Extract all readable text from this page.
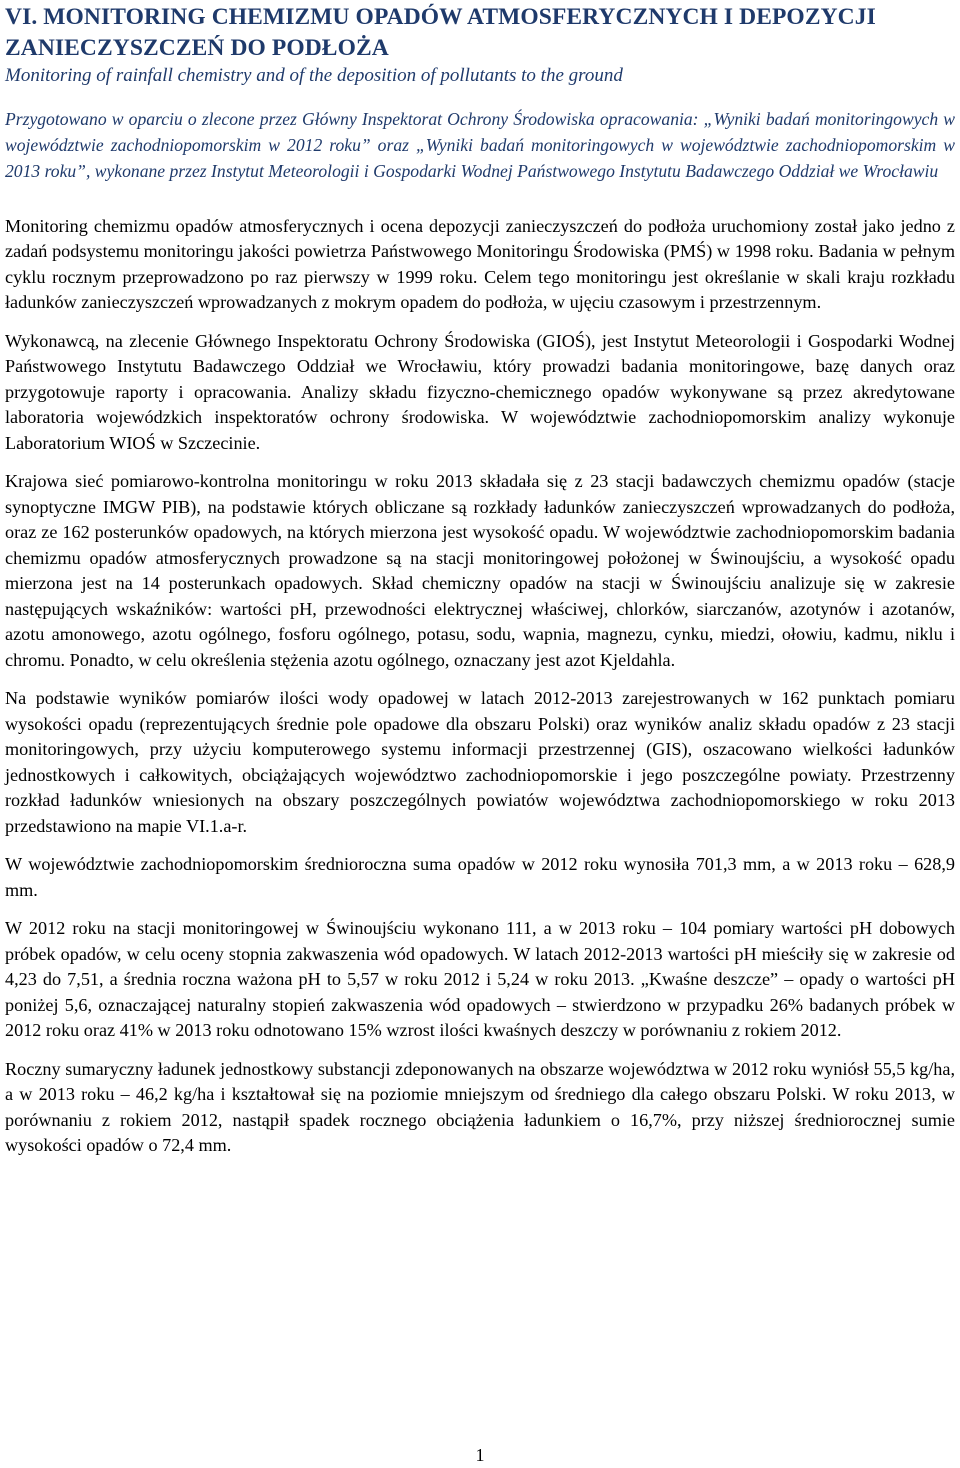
VI. MONITORING CHEMIZMU OPADÓW ATMOSFERYCZNYCH I DEPOZYCJI ZANIECZYSZCZEŃ DO PODŁOŻA
Monitoring of rainfall chemistry and of the deposition of pollutants to the ground

Przygotowano w oparciu o zlecone przez Główny Inspektorat Ochrony Środowiska opracowania: „Wyniki badań monitoringowych w województwie zachodniopomorskim w 2012 roku” oraz „Wyniki badań monitoringowych w województwie zachodniopomorskim w 2013 roku”, wykonane przez Instytut Meteorologii i Gospodarki Wodnej Państwowego Instytutu Badawczego Oddział we Wrocławiu

Monitoring chemizmu opadów atmosferycznych i ocena depozycji zanieczyszczeń do podłoża uruchomiony został jako jedno z zadań podsystemu monitoringu jakości powietrza Państwowego Monitoringu Środowiska (PMŚ) w 1998 roku. Badania w pełnym cyklu rocznym przeprowadzono po raz pierwszy w 1999 roku. Celem tego monitoringu jest określanie w skali kraju rozkładu ładunków zanieczyszczeń wprowadzanych z mokrym opadem do podłoża, w ujęciu czasowym i przestrzennym.

Wykonawcą, na zlecenie Głównego Inspektoratu Ochrony Środowiska (GIOŚ), jest Instytut Meteorologii i Gospodarki Wodnej Państwowego Instytutu Badawczego Oddział we Wrocławiu, który prowadzi badania monitoringowe, bazę danych oraz przygotowuje raporty i opracowania. Analizy składu fizyczno-chemicznego opadów wykonywane są przez akredytowane laboratoria wojewódzkich inspektoratów ochrony środowiska. W województwie zachodniopomorskim analizy wykonuje Laboratorium WIOŚ w Szczecinie.

Krajowa sieć pomiarowo-kontrolna monitoringu w roku 2013 składała się z 23 stacji badawczych chemizmu opadów (stacje synoptyczne IMGW PIB), na podstawie których obliczane są rozkłady ładunków zanieczyszczeń wprowadzanych do podłoża, oraz ze 162 posterunków opadowych, na których mierzona jest wysokość opadu. W województwie zachodniopomorskim badania chemizmu opadów atmosferycznych prowadzone są na stacji monitoringowej położonej w Świnoujściu, a wysokość opadu mierzona jest na 14 posterunkach opadowych. Skład chemiczny opadów na stacji w Świnoujściu analizuje się w zakresie następujących wskaźników: wartości pH, przewodności elektrycznej właściwej, chlorków, siarczanów, azotynów i azotanów, azotu amonowego, azotu ogólnego, fosforu ogólnego, potasu, sodu, wapnia, magnezu, cynku, miedzi, ołowiu, kadmu, niklu i chromu. Ponadto, w celu określenia stężenia azotu ogólnego, oznaczany jest azot Kjeldahla.

Na podstawie wyników pomiarów ilości wody opadowej w latach 2012-2013 zarejestrowanych w 162 punktach pomiaru wysokości opadu (reprezentujących średnie pole opadowe dla obszaru Polski) oraz wyników analiz składu opadów z 23 stacji monitoringowych, przy użyciu komputerowego systemu informacji przestrzennej (GIS), oszacowano wielkości ładunków jednostkowych i całkowitych, obciążających województwo zachodniopomorskie i jego poszczególne powiaty. Przestrzenny rozkład ładunków wniesionych na obszary poszczególnych powiatów województwa zachodniopomorskiego w roku 2013 przedstawiono na mapie VI.1.a-r.

W województwie zachodniopomorskim średnioroczna suma opadów w 2012 roku wynosiła 701,3 mm, a w 2013 roku – 628,9 mm.

W 2012 roku na stacji monitoringowej w Świnoujściu wykonano 111, a w 2013 roku – 104 pomiary wartości pH dobowych próbek opadów, w celu oceny stopnia zakwaszenia wód opadowych. W latach 2012-2013 wartości pH mieściły się w zakresie od 4,23 do 7,51, a średnia roczna ważona pH to 5,57 w roku 2012 i 5,24 w roku 2013. „Kwaśne deszcze” – opady o wartości pH poniżej 5,6, oznaczającej naturalny stopień zakwaszenia wód opadowych – stwierdzono w przypadku 26% badanych próbek w 2012 roku oraz 41% w 2013 roku odnotowano 15% wzrost ilości kwaśnych deszczy w porównaniu z rokiem 2012.

Roczny sumaryczny ładunek jednostkowy substancji zdeponowanych na obszarze województwa w 2012 roku wyniósł 55,5 kg/ha, a w 2013 roku – 46,2 kg/ha i kształtował się na poziomie mniejszym od średniego dla całego obszaru Polski. W roku 2013, w porównaniu z rokiem 2012, nastąpił spadek rocznego obciążenia ładunkiem o 16,7%, przy niższej średniorocznej sumie wysokości opadów o 72,4 mm.

1
